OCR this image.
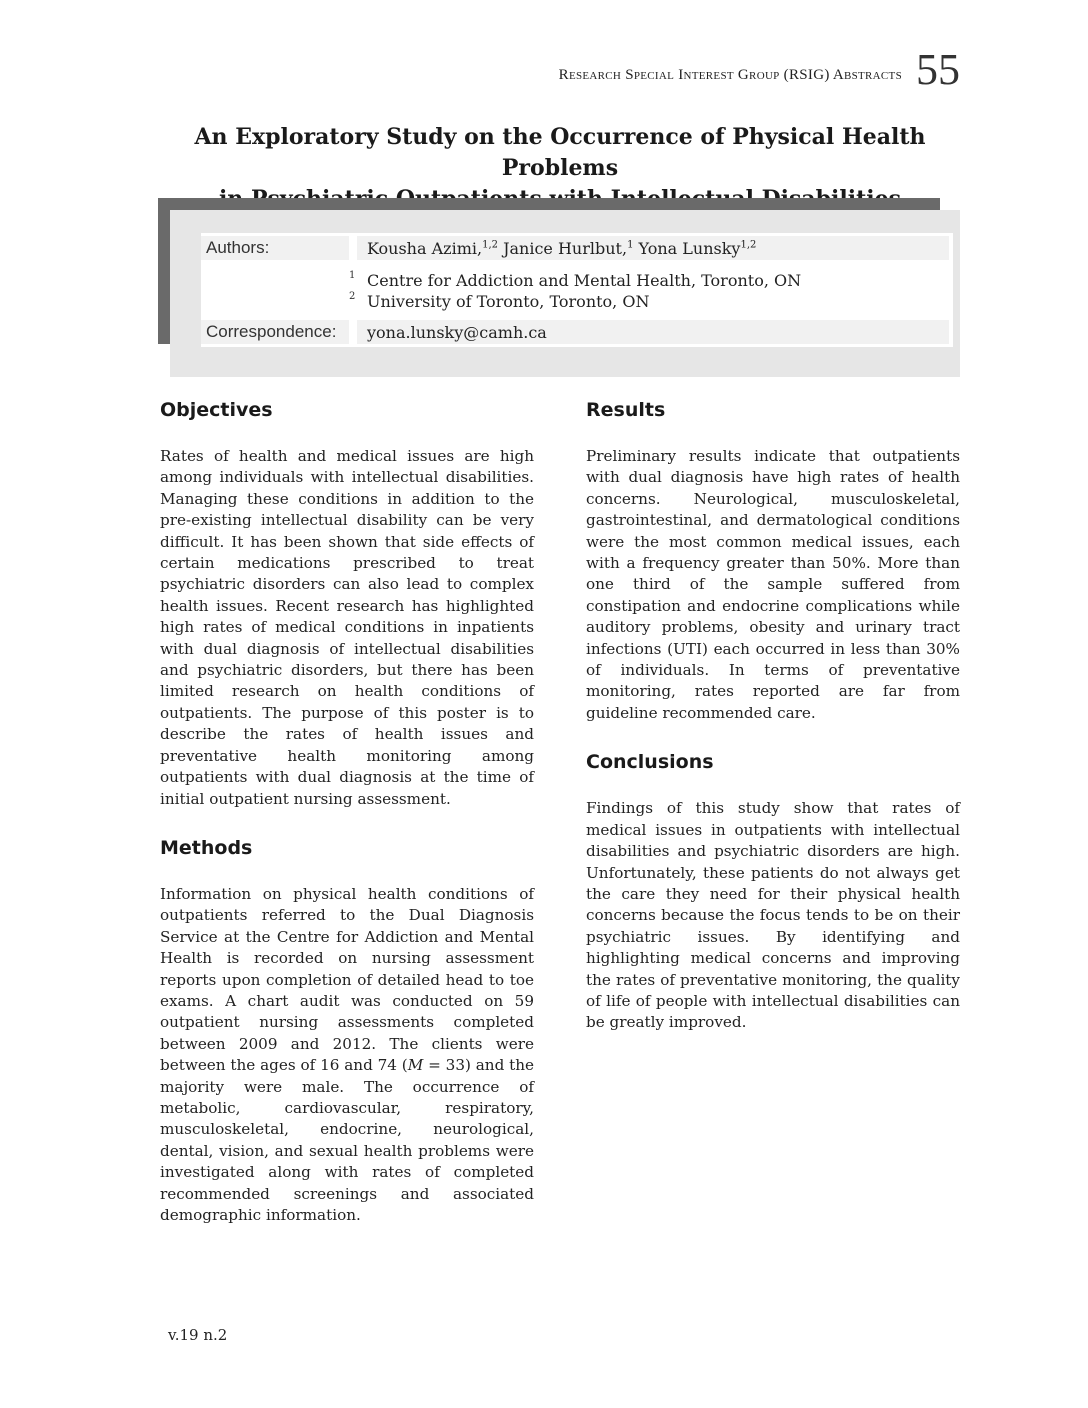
Research Special Interest Group (RSIG) Abstracts 55
An Exploratory Study on the Occurrence of Physical Health Problems
Authors:	Kousha Azimi,$^{1,2}$ Janice Hurlbut,$^1$ Yona Lunsky$^{1,2}$
1 Centre for Addiction and Mental Health, Toronto, ON
2 University of Toronto, Toronto, ON
Correspondence: yona.lunsky@camh.ca
Objectives

Rates of health and medical issues are high among individuals with intellectual disabilities. Managing these conditions in addition to the pre-existing intellectual disability can be very difficult. It has been shown that side effects of certain medications prescribed to treat psychiatric disorders can also lead to complex health issues. Recent research has highlighted high rates of medical conditions in inpatients with dual diagnosis of intellectual disabilities and psychiatric disorders, but there has been limited research on health conditions of outpatients. The purpose of this poster is to describe the rates of health issues and preventative health monitoring among outpatients with dual diagnosis at the time of initial outpatient nursing assessment.

Methods

Information on physical health conditions of outpatients referred to the Dual Diagnosis Service at the Centre for Addiction and Mental Health is recorded on nursing assessment reports upon completion of detailed head to toe exams. A chart audit was conducted on 59 outpatient nursing assessments completed between 2009 and 2012. The clients were between the ages of 16 and 74 (M = 33) and the majority were male. The occurrence of metabolic, cardiovascular, respiratory, musculoskeletal, endocrine, neurological, dental, vision, and sexual health problems were investigated along with rates of completed recommended screenings and associated demographic information.

Results

Preliminary results indicate that outpatients with dual diagnosis have high rates of health concerns. Neurological, musculoskeletal, gastrointestinal, and dermatological conditions were the most common medical issues, each with a frequency greater than 50%. More than one third of the sample suffered from constipation and endocrine complications while auditory problems, obesity and urinary tract infections (UTI) each occurred in less than 30% of individuals. In terms of preventative monitoring, rates reported are far from guideline recommended care.

Conclusions

Findings of this study show that rates of medical issues in outpatients with intellectual disabilities and psychiatric disorders are high. Unfortunately, these patients do not always get the care they need for their physical health concerns because the focus tends to be on their psychiatric issues. By identifying and highlighting medical concerns and improving the rates of preventative monitoring, the quality of life of people with intellectual disabilities can be greatly improved.

v.19 n.2
